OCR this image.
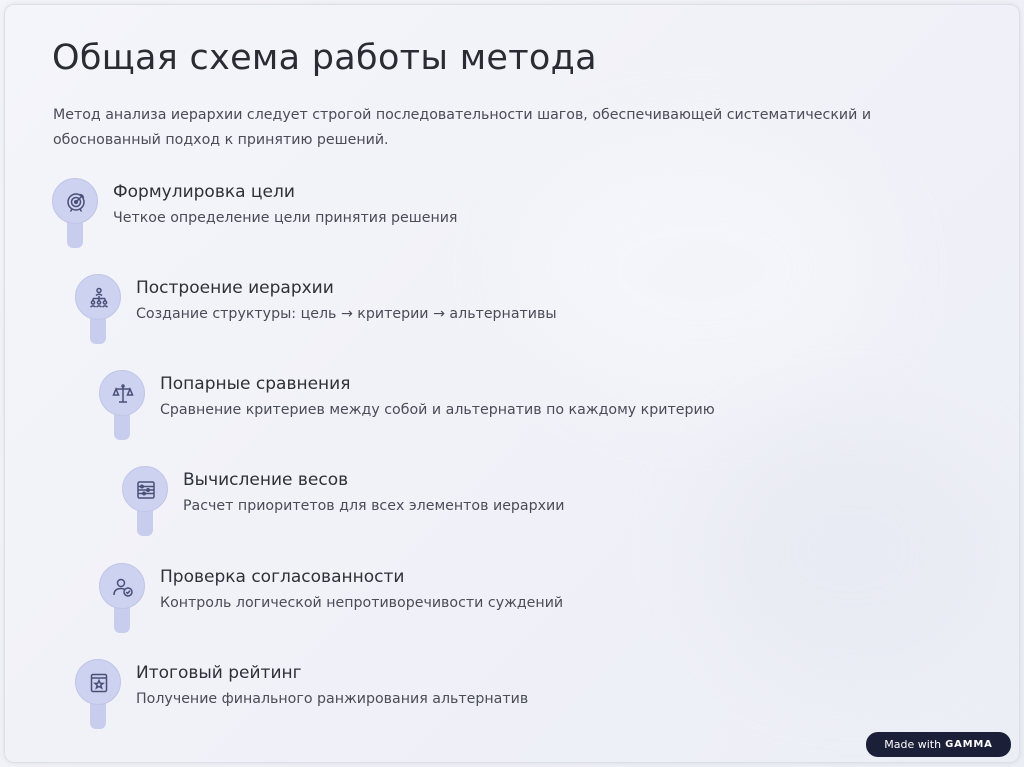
Общая схема работы метода

Метод анализа иерархии следует строгой последовательности шагов, обеспечивающей систематический и обоснованный подход к принятию решений.

Формулировка цели
Четкое определение цели принятия решения
Построение иерархии
Создание структуры: цель → критерии → альтернативы
Попарные сравнения
Сравнение критериев между собой и альтернатив по каждому критерию
Вычисление весов
Расчет приоритетов для всех элементов иерархии
Проверка согласованности
Контроль логической непротиворечивости суждений
Итоговый рейтинг
Получение финального ранжирования альтернатив
Made with GAMMA
